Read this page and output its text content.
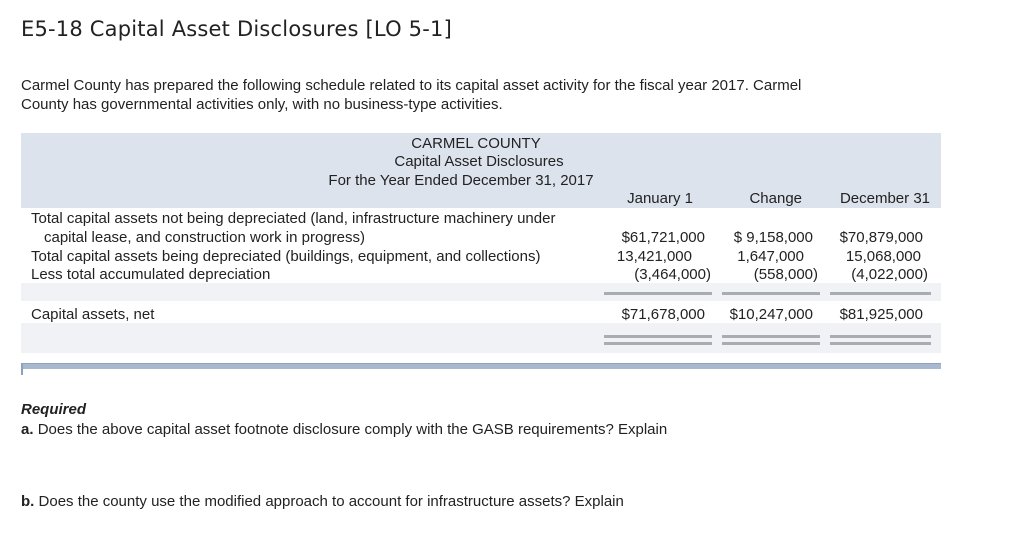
E5-18 Capital Asset Disclosures [LO 5-1]
Carmel County has prepared the following schedule related to its capital asset activity for the fiscal year 2017. Carmel County has governmental activities only, with no business-type activities.
CARMEL COUNTY
Capital Asset Disclosures
For the Year Ended December 31, 2017
January 1	Change	December 31
Total capital assets not being depreciated (land, infrastructure machinery under
capital lease, and construction work in progress)	$61,721,000	$ 9,158,000	$70,879,000
Total capital assets being depreciated (buildings, equipment, and collections)	13,421,000	1,647,000	15,068,000
Less total accumulated depreciation	(3,464,000)	(558,000)	(4,022,000)
Capital assets, net	$71,678,000	$10,247,000	$81,925,000
Required
a. Does the above capital asset footnote disclosure comply with the GASB requirements? Explain
b. Does the county use the modified approach to account for infrastructure assets? Explain
